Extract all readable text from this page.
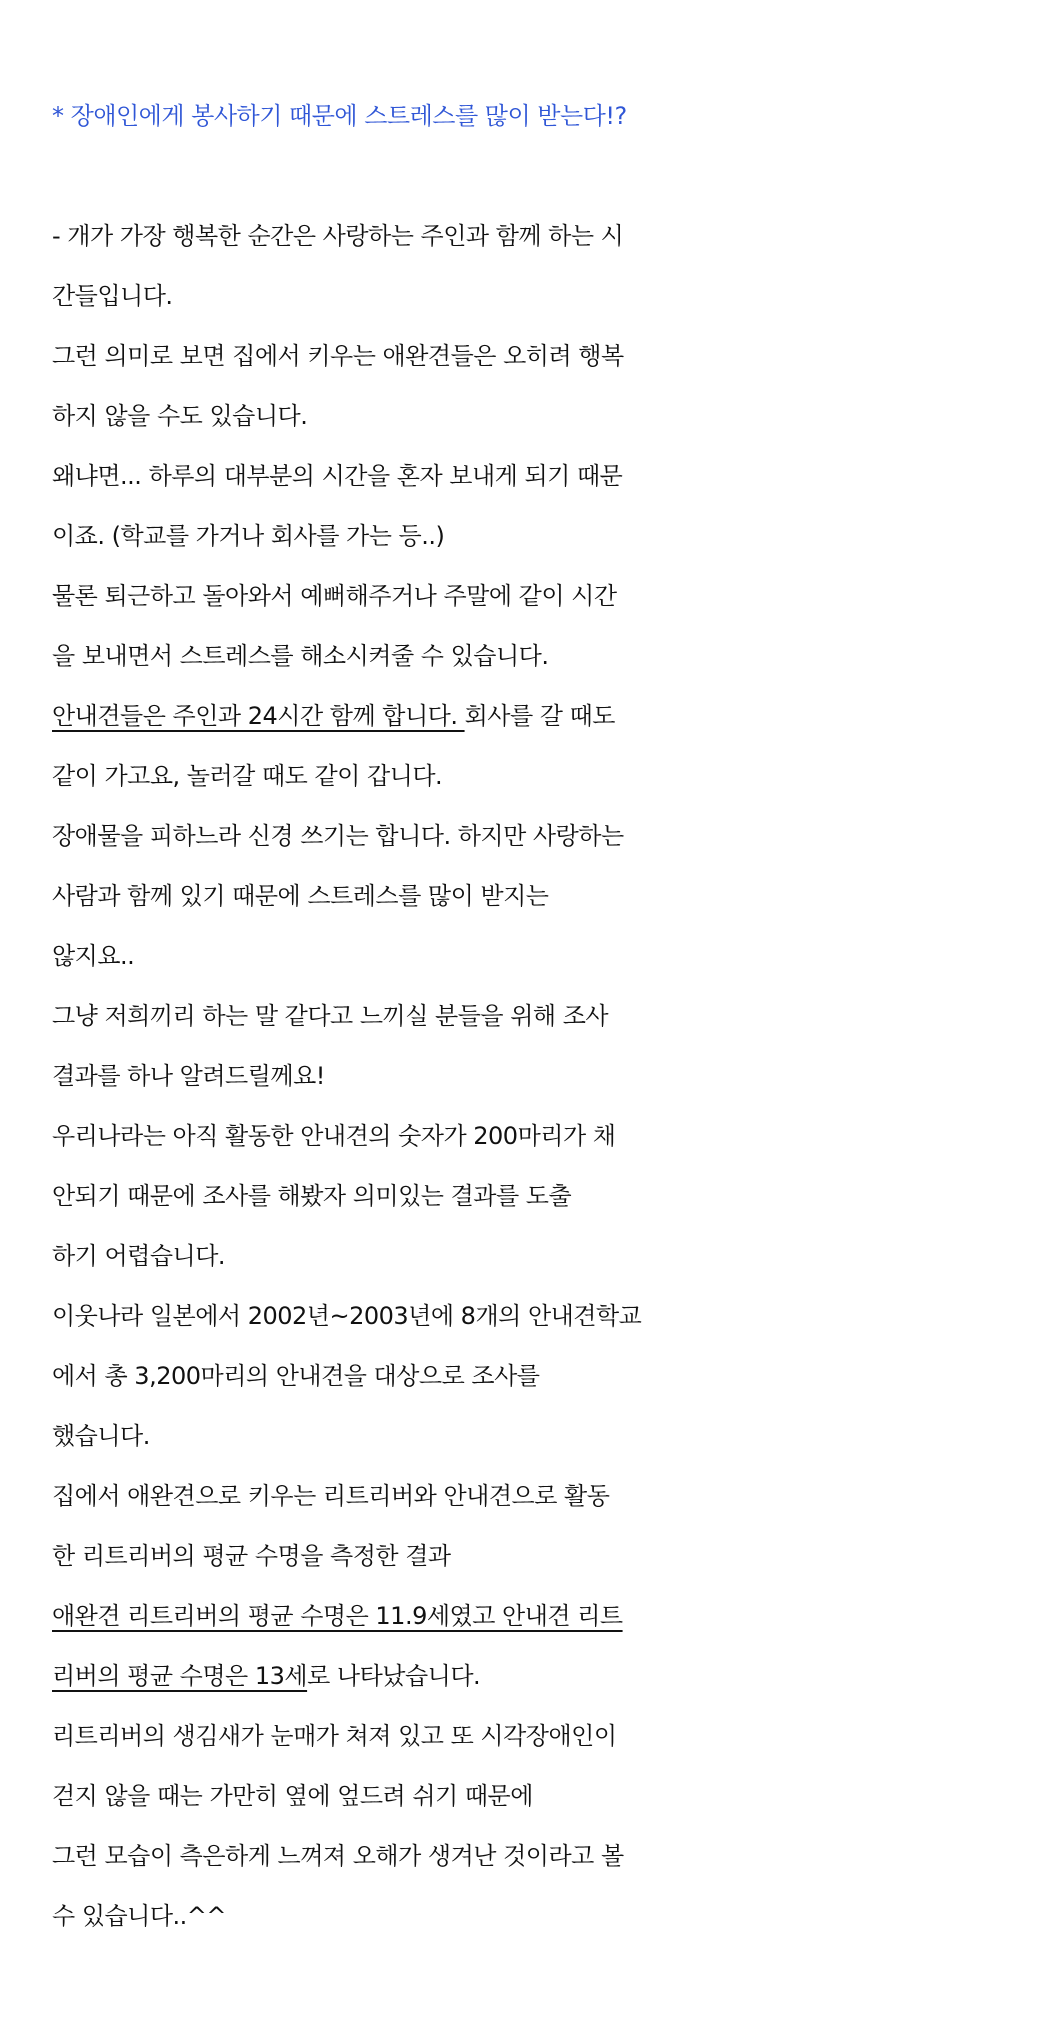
* 장애인에게 봉사하기 때문에 스트레스를 많이 받는다!?
- 개가 가장 행복한 순간은 사랑하는 주인과 함께 하는 시
간들입니다.
그런 의미로 보면 집에서 키우는 애완견들은 오히려 행복
하지 않을 수도 있습니다.
왜냐면... 하루의 대부분의 시간을 혼자 보내게 되기 때문
이죠. (학교를 가거나 회사를 가는 등..)
물론 퇴근하고 돌아와서 예뻐해주거나 주말에 같이 시간
을 보내면서 스트레스를 해소시켜줄 수 있습니다.
안내견들은 주인과 24시간 함께 합니다. 회사를 갈 때도
같이 가고요, 놀러갈 때도 같이 갑니다.
장애물을 피하느라 신경 쓰기는 합니다. 하지만 사랑하는
사람과 함께 있기 때문에 스트레스를 많이 받지는
않지요..
그냥 저희끼리 하는 말 같다고 느끼실 분들을 위해 조사
결과를 하나 알려드릴께요!
우리나라는 아직 활동한 안내견의 숫자가 200마리가 채
안되기 때문에 조사를 해봤자 의미있는 결과를 도출
하기 어렵습니다.
이웃나라 일본에서 2002년~2003년에 8개의 안내견학교
에서 총 3,200마리의 안내견을 대상으로 조사를
했습니다.
집에서 애완견으로 키우는 리트리버와 안내견으로 활동
한 리트리버의 평균 수명을 측정한 결과
애완견 리트리버의 평균 수명은 11.9세였고 안내견 리트
리버의 평균 수명은 13세로 나타났습니다.
리트리버의 생김새가 눈매가 쳐져 있고 또 시각장애인이
걷지 않을 때는 가만히 옆에 엎드려 쉬기 때문에
그런 모습이 측은하게 느껴져 오해가 생겨난 것이라고 볼
수 있습니다..^^
